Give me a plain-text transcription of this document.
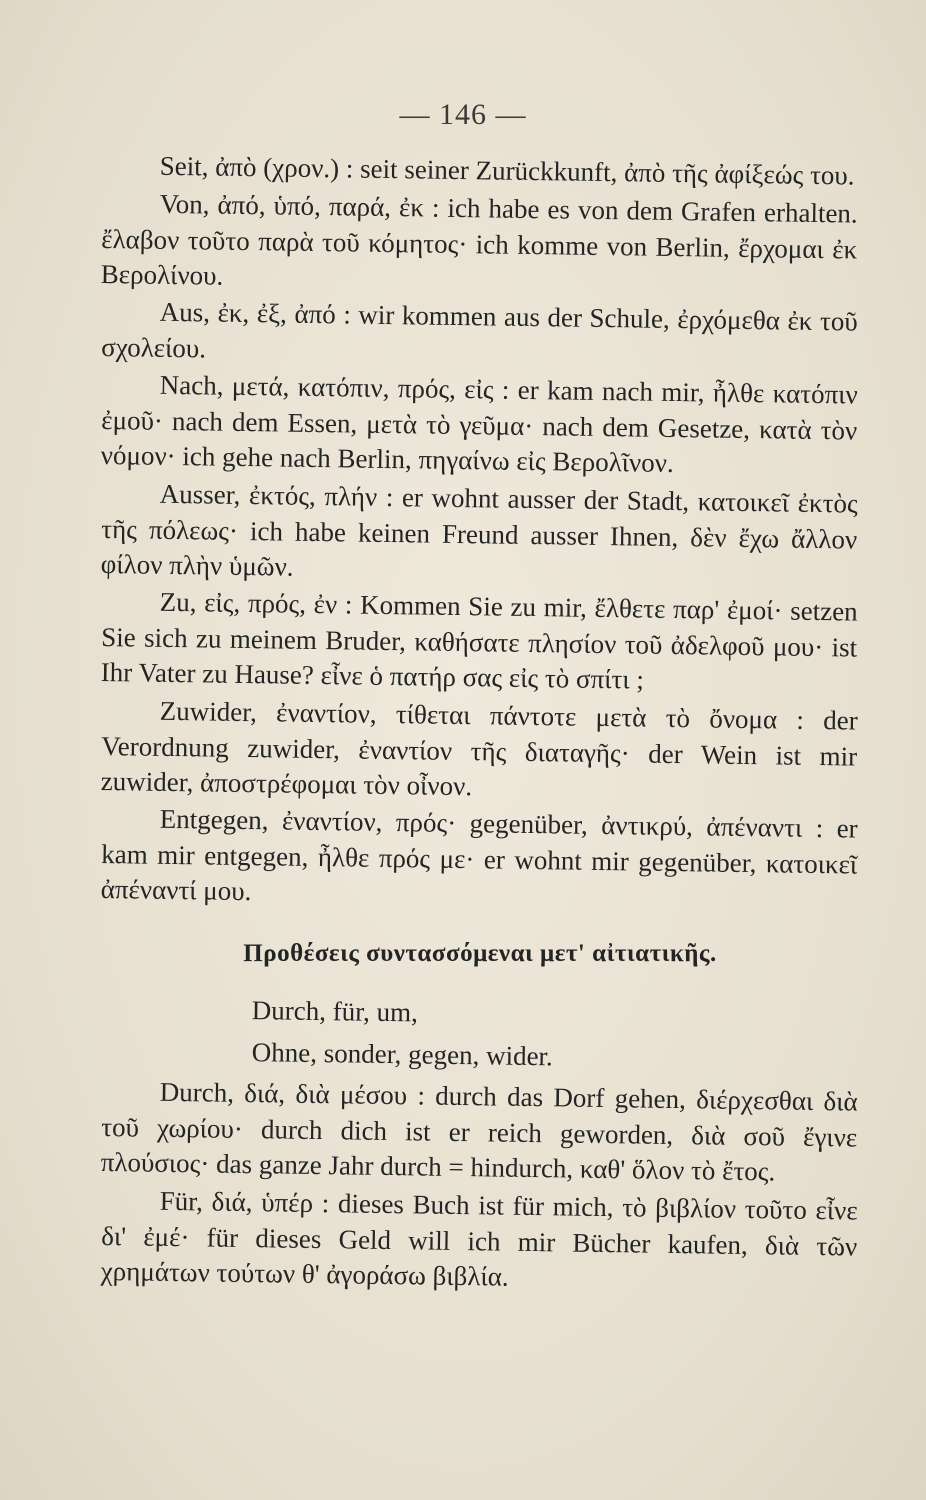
— 146 —

Seit, ἀπὸ (χρον.) : seit seiner Zurückkunft, ἀπὸ τῆς ἀφίξεώς του.

Von, ἀπό, ὑπό, παρά, ἐκ : ich habe es von dem Grafen erhalten. ἔλαβον τοῦτο παρὰ τοῦ κόμητος· ich komme von Berlin, ἔρχομαι ἐκ Βερολίνου.

Aus, ἐκ, ἐξ, ἀπό : wir kommen aus der Schule, ἐρχόμεθα ἐκ τοῦ σχολείου.

Nach, μετά, κατόπιν, πρός, εἰς : er kam nach mir, ἦλθε κατόπιν ἐμοῦ· nach dem Essen, μετὰ τὸ γεῦμα· nach dem Gesetze, κατὰ τὸν νόμον· ich gehe nach Berlin, πηγαίνω εἰς Βερολῖνον.

Ausser, ἐκτός, πλήν : er wohnt ausser der Stadt, κατοικεῖ ἐκτὸς τῆς πόλεως· ich habe keinen Freund ausser Ihnen, δὲν ἔχω ἄλλον φίλον πλὴν ὑμῶν.

Zu, εἰς, πρός, ἐν : Kommen Sie zu mir, ἔλθετε παρ' ἐμοί· setzen Sie sich zu meinem Bruder, καθήσατε πλησίον τοῦ ἀδελφοῦ μου· ist Ihr Vater zu Hause? εἶνε ὁ πατήρ σας εἰς τὸ σπίτι ;

Zuwider, ἐναντίον, τίθεται πάντοτε μετὰ τὸ ὄνομα : der Verordnung zuwider, ἐναντίον τῆς διαταγῆς· der Wein ist mir zuwider, ἀποστρέφομαι τὸν οἶνον.

Entgegen, ἐναντίον, πρός· gegenüber, ἀντικρύ, ἀπέναντι : er kam mir entgegen, ἦλθε πρός με· er wohnt mir gegenüber, κατοικεῖ ἀπέναντί μου.

Προθέσεις συντασσόμεναι μετ' αἰτιατικῆς.

Durch, für, um,

Ohne, sonder, gegen, wider.

Durch, διά, διὰ μέσου : durch das Dorf gehen, διέρχεσθαι διὰ τοῦ χωρίου· durch dich ist er reich geworden, διὰ σοῦ ἔγινε πλούσιος· das ganze Jahr durch = hindurch, καθ' ὅλον τὸ ἔτος.

Für, διά, ὑπέρ : dieses Buch ist für mich, τὸ βιβλίον τοῦτο εἶνε δι' ἐμέ· für dieses Geld will ich mir Bücher kaufen, διὰ τῶν χρημάτων τούτων θ' ἀγοράσω βιβλία.
